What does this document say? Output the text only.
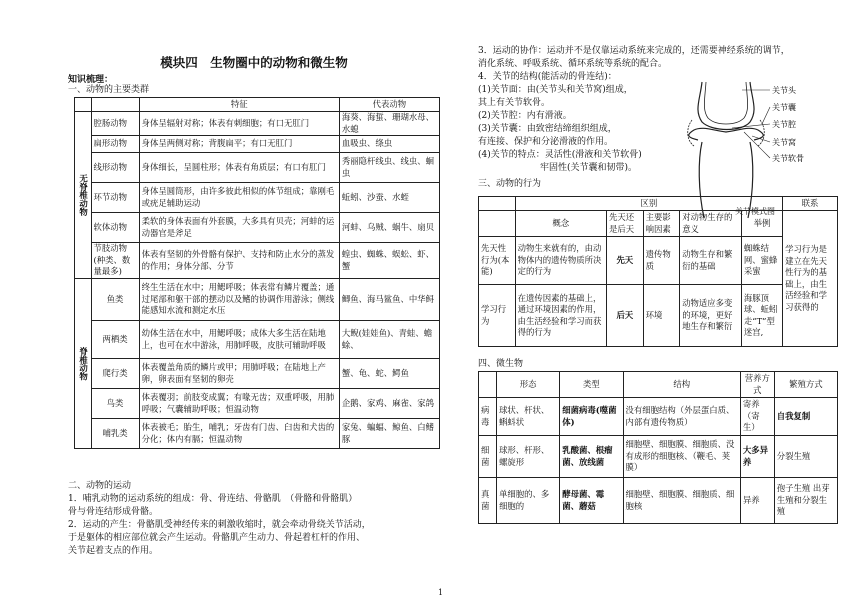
模块四　生物圈中的动物和微生物
知识梳理：
一、动物的主要类群
		特征	代表动物
无脊椎动物	腔肠动物	身体呈辐射对称；体表有刺细胞；有口无肛门	海葵、海蜇、珊瑚水母、水螅
	扁形动物	身体呈两侧对称；背腹扁平；有口无肛门	血吸虫、绦虫
	线形动物	身体细长，呈圆柱形；体表有角质层；有口有肛门	秀丽隐杆线虫、线虫、蛔虫
	环节动物	身体呈圆筒形，由许多彼此相似的体节组成；靠刚毛或疣足辅助运动	蚯蚓、沙蚕、水蛭
	软体动物	柔软的身体表面有外套膜，大多具有贝壳；河蚌的运动器官是斧足	河蚌、乌贼、蜗牛、扇贝
	节肢动物(种类、数量最多)	体表有坚韧的外骨骼有保护、支持和防止水分的蒸发的作用；身体分部、分节	蝗虫、蜘蛛、蜈蚣、虾、蟹
脊椎动物	鱼类	终生生活在水中；用鳃呼吸；体表常有鳞片覆盖；通过尾部和躯干部的摆动以及鳍的协调作用游泳；侧线能感知水流和测定水压	鲫鱼、海马鲨鱼、中华鲟
	两栖类	幼体生活在水中，用鳃呼吸；成体大多生活在陆地上，也可在水中游泳，用肺呼吸，皮肤可辅助呼吸	大鲵(娃娃鱼)、青蛙、蟾蜍、
	爬行类	体表覆盖角质的鳞片或甲；用肺呼吸；在陆地上产卵，卵表面有坚韧的卵壳	蟹、龟、蛇、鳄鱼
	鸟类	体表覆羽；前肢变成翼；有喙无齿；双重呼吸，用肺呼吸；气囊辅助呼吸；恒温动物	企鹅、家鸡、麻雀、家鸽
	哺乳类	体表被毛；胎生，哺乳；牙齿有门齿、臼齿和犬齿的分化；体内有膈；恒温动物	家兔、蝙蝠、鲸鱼、白鳍豚
二、动物的运动
1．哺乳动物的运动系统的组成：骨、骨连结、骨骼肌　（骨骼和骨骼肌）
骨与骨连结形成骨骼。
2．运动的产生：骨骼肌受神经传来的刺激收缩时，就会牵动骨绕关节活动，
于是躯体的相应部位就会产生运动。骨骼肌产生动力、骨起着杠杆的作用、
关节起着支点的作用。
3．运动的协作：运动并不是仅靠运动系统来完成的，还需要神经系统的调节，
消化系统、呼吸系统、循环系统等系统的配合。
4．关节的结构(能活动的骨连结)：
(1)关节面：由(关节头和关节窝)组成，
其上有关节软骨。
(2)关节腔：内有滑液。
(3)关节囊：由致密结缔组织组成，
有连接、保护和分泌滑液的作用。
(4)关节的特点：灵活性(滑液和关节软骨)
牢固性(关节囊和韧带)。
关节头
关节囊
关节腔
关节窝
关节软骨
关节模式图
三、动物的行为
	区别					联系
	概念	先天还是后天	主要影响因素	对动物生存的意义	举例	学习行为是建立在先天性行为的基础上，由生活经验和学习获得的
先天性行为(本能)	动物生来就有的，由动物体内的遗传物质所决定的行为	先天	遗传物质	动物生存和繁衍的基础	蜘蛛结网、蜜蜂采蜜	
学习行为	在遗传因素的基础上，通过环境因素的作用，由生活经验和学习而获得的行为	后天	环境	动物适应多变的环境，更好地生存和繁衍	海豚顶球、蚯蚓走“T”型迷宫,	
四、微生物
	形态	类型	结构	营养方式	繁殖方式
病毒	球状、杆状、蝌蚪状	细菌病毒(噬菌体)	没有细胞结构（外层蛋白质、内部有遗传物质）	寄养（寄生）	自我复制
细菌	球形、杆形、螺旋形	乳酸菌、根瘤菌、放线菌	细胞壁、细胞膜、细胞质、没有成形的细胞核、（鞭毛、荚膜）	大多异养	分裂生殖
真菌	单细胞的、多细胞的	酵母菌、霉菌、蘑菇	细胞壁、细胞膜、细胞质、细胞核	异养	孢子生殖 出芽生殖和分裂生殖
1
